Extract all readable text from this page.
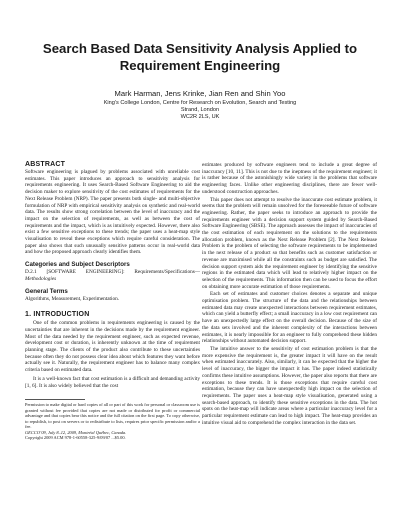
Search Based Data Sensitivity Analysis Applied to
Requirement Engineering
Mark Harman, Jens Krinke, Jian Ren and Shin Yoo
King’s College London, Centre for Research on Evolution, Search and Testing
Strand, London
WC2R 2LS, UK

ABSTRACT

Software engineering is plagued by problems associated with unreliable cost estimates. This paper introduces an approach to sensitivity analysis for requirements engineering. It uses Search-Based Software Engineering to aid the decision maker to explore sensitivity of the cost estimates of requirements for the Next Release Problem (NRP). The paper presents both single- and multi-objective formulation of NRP with empirical sensitivity analysis on synthetic and real-world data. The results show strong correlation between the level of inaccuracy and the impact on the selection of requirements, as well as between the cost of requirements and the impact, which is as intuitively expected. However, there also exist a few sensitive exceptions to these trends; the paper uses a heat-map style visualisation to reveal these exceptions which require careful consideration. The paper also shows that such unusually sensitive patterns occur in real-world data and how the proposed approach clearly identifies them.

Categories and Subject Descriptors

D.2.1 [SOFTWARE ENGINEERING]: Requirements/Specifications—Methodologies

General Terms

Algorithms, Measurement, Experimentation.

1. INTRODUCTION

One of the common problems in requirements engineering is caused by the uncertainties that are inherent in the decisions made by the requirement engineer. Most of the data needed by the requirement engineer, such as expected revenue, development cost or duration, is inherently unknown at the time of requirement planning stage. The clients of the product also contribute to these uncertainties because often they do not possess clear idea about which features they want before actually see it. Naturally, the requirement engineer has to balance many complex criteria based on estimated data.

It is a well-known fact that cost estimation is a difficult and demanding activity [1, 6]. It is also widely believed that the cost

Permission to make digital or hard copies of all or part of this work for personal or classroom use is granted without fee provided that copies are not made or distributed for profit or commercial advantage and that copies bear this notice and the full citation on the first page. To copy otherwise, to republish, to post on servers or to redistribute to lists, requires prior specific permission and/or a fee.

GECCO’09, July 8–12, 2009, Montréal Québec, Canada.

Copyright 2009 ACM 978-1-60558-325-9/09/07 ...$5.00.

estimates produced by software engineers tend to include a great degree of inaccuracy [10, 11]. This is not due to the ineptness of the requirement engineer; it is rather because of the astonishingly wide variety in the problems that software engineering faces. Unlike other engineering disciplines, there are fewer well-understood construction approaches.

This paper does not attempt to resolve the inaccurate cost estimate problem, it seems that the problem will remain unsolved for the foreseeable future of software engineering. Rather, the paper seeks to introduce an approach to provide the requirements engineer with a decision support system guided by Search-Based Software Engineering (SBSE). The approach assesses the impact of inaccuracies of the cost estimation of each requirement on the solutions to the requirements allocation problem, known as the Next Release Problem [2]. The Next Release Problem is the problem of selecting the software requirements to be implemented in the next release of a product so that benefits such as customer satisfaction or revenue are maximised while all the constraints such as budget are satisfied. The decision support system aids the requirement engineer by identifying the sensitive regions in the estimated data which will lead to relatively higher impact on the selection of the requirements. This information then can be used to focus the effort on obtaining more accurate estimation of those requirements.

Each set of estimates and customer choices denotes a separate and unique optimisation problem. The structure of the data and the relationships between estimated data may create unexpected interactions between requirement estimates, which can yield a butterfly effect; a small inaccuracy in a low cost requirement can have an unexpectedly large effect on the overall decision. Because of the size of the data sets involved and the inherent complexity of the interactions between estimates, it is nearly impossible for an engineer to fully comprehend these hidden relationships without automated decision support.

The intuitive answer to the sensitivity of cost estimation problem is that the more expensive the requirement is, the greater impact it will have on the result when estimated inaccurately. Also, similarly, it can be expected that the higher the level of inaccuracy, the bigger the impact it has. The paper indeed statistically confirms these intuitive assumptions. However, the paper also reports that there are exceptions to these trends. It is those exceptions that require careful cost estimation, because they can have unexpectedly high impact on the selection of requirements. The paper uses a heat-map style visualisation, generated using a search-based approach, to identify these sensitive exceptions in the data. The hot spots on the heat-map will indicate areas where a particular inaccuracy level for a particular requirement estimate can lead to high impact. The heat-map provides an intuitive visual aid to comprehend the complex interaction in the data set.
